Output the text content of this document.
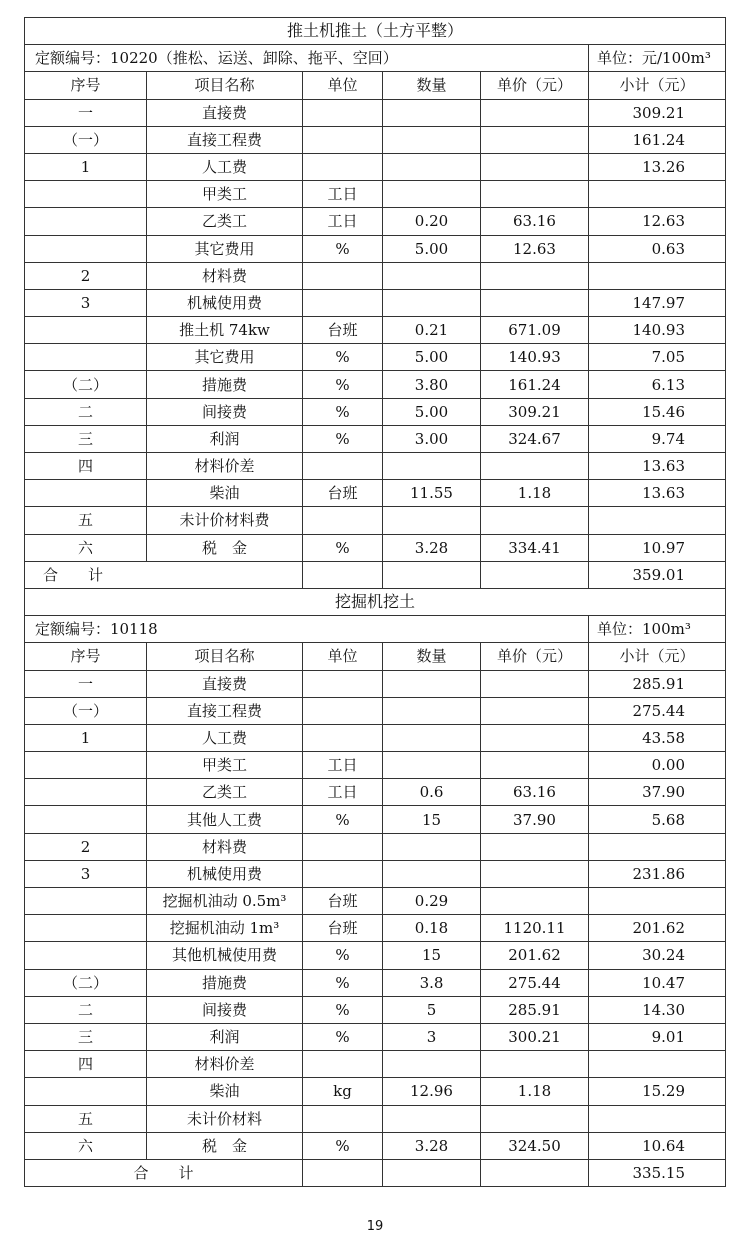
推土机推土（土方平整）					
定额编号：10220（推松、运送、卸除、拖平、空回）					单位：元/100m³
序号	项目名称	单位	数量	单价（元）	小计（元）
一	直接费				309.21
（一）	直接工程费				161.24
1	人工费				13.26
	甲类工	工日			
	乙类工	工日	0.20	63.16	12.63
	其它费用	%	5.00	12.63	0.63
2	材料费				
3	机械使用费				147.97
	推土机 74kw	台班	0.21	671.09	140.93
	其它费用	%	5.00	140.93	7.05
（二）	措施费	%	3.80	161.24	6.13
二	间接费	%	5.00	309.21	15.46
三	利润	%	3.00	324.67	9.74
四	材料价差				13.63
	柴油	台班	11.55	1.18	13.63
五	未计价材料费				
六	税　金	%	3.28	334.41	10.97
合　　计					359.01
挖掘机挖土					
定额编号：10118					单位：100m³
序号	项目名称	单位	数量	单价（元）	小计（元）
一	直接费				285.91
（一）	直接工程费				275.44
1	人工费				43.58
	甲类工	工日			0.00
	乙类工	工日	0.6	63.16	37.90
	其他人工费	%	15	37.90	5.68
2	材料费				
3	机械使用费				231.86
	挖掘机油动 0.5m³	台班	0.29		
	挖掘机油动 1m³	台班	0.18	1120.11	201.62
	其他机械使用费	%	15	201.62	30.24
（二）	措施费	%	3.8	275.44	10.47
二	间接费	%	5	285.91	14.30
三	利润	%	3	300.21	9.01
四	材料价差				
	柴油	kg	12.96	1.18	15.29
五	未计价材料				
六	税　金	%	3.28	324.50	10.64
合　　计					335.15
19
